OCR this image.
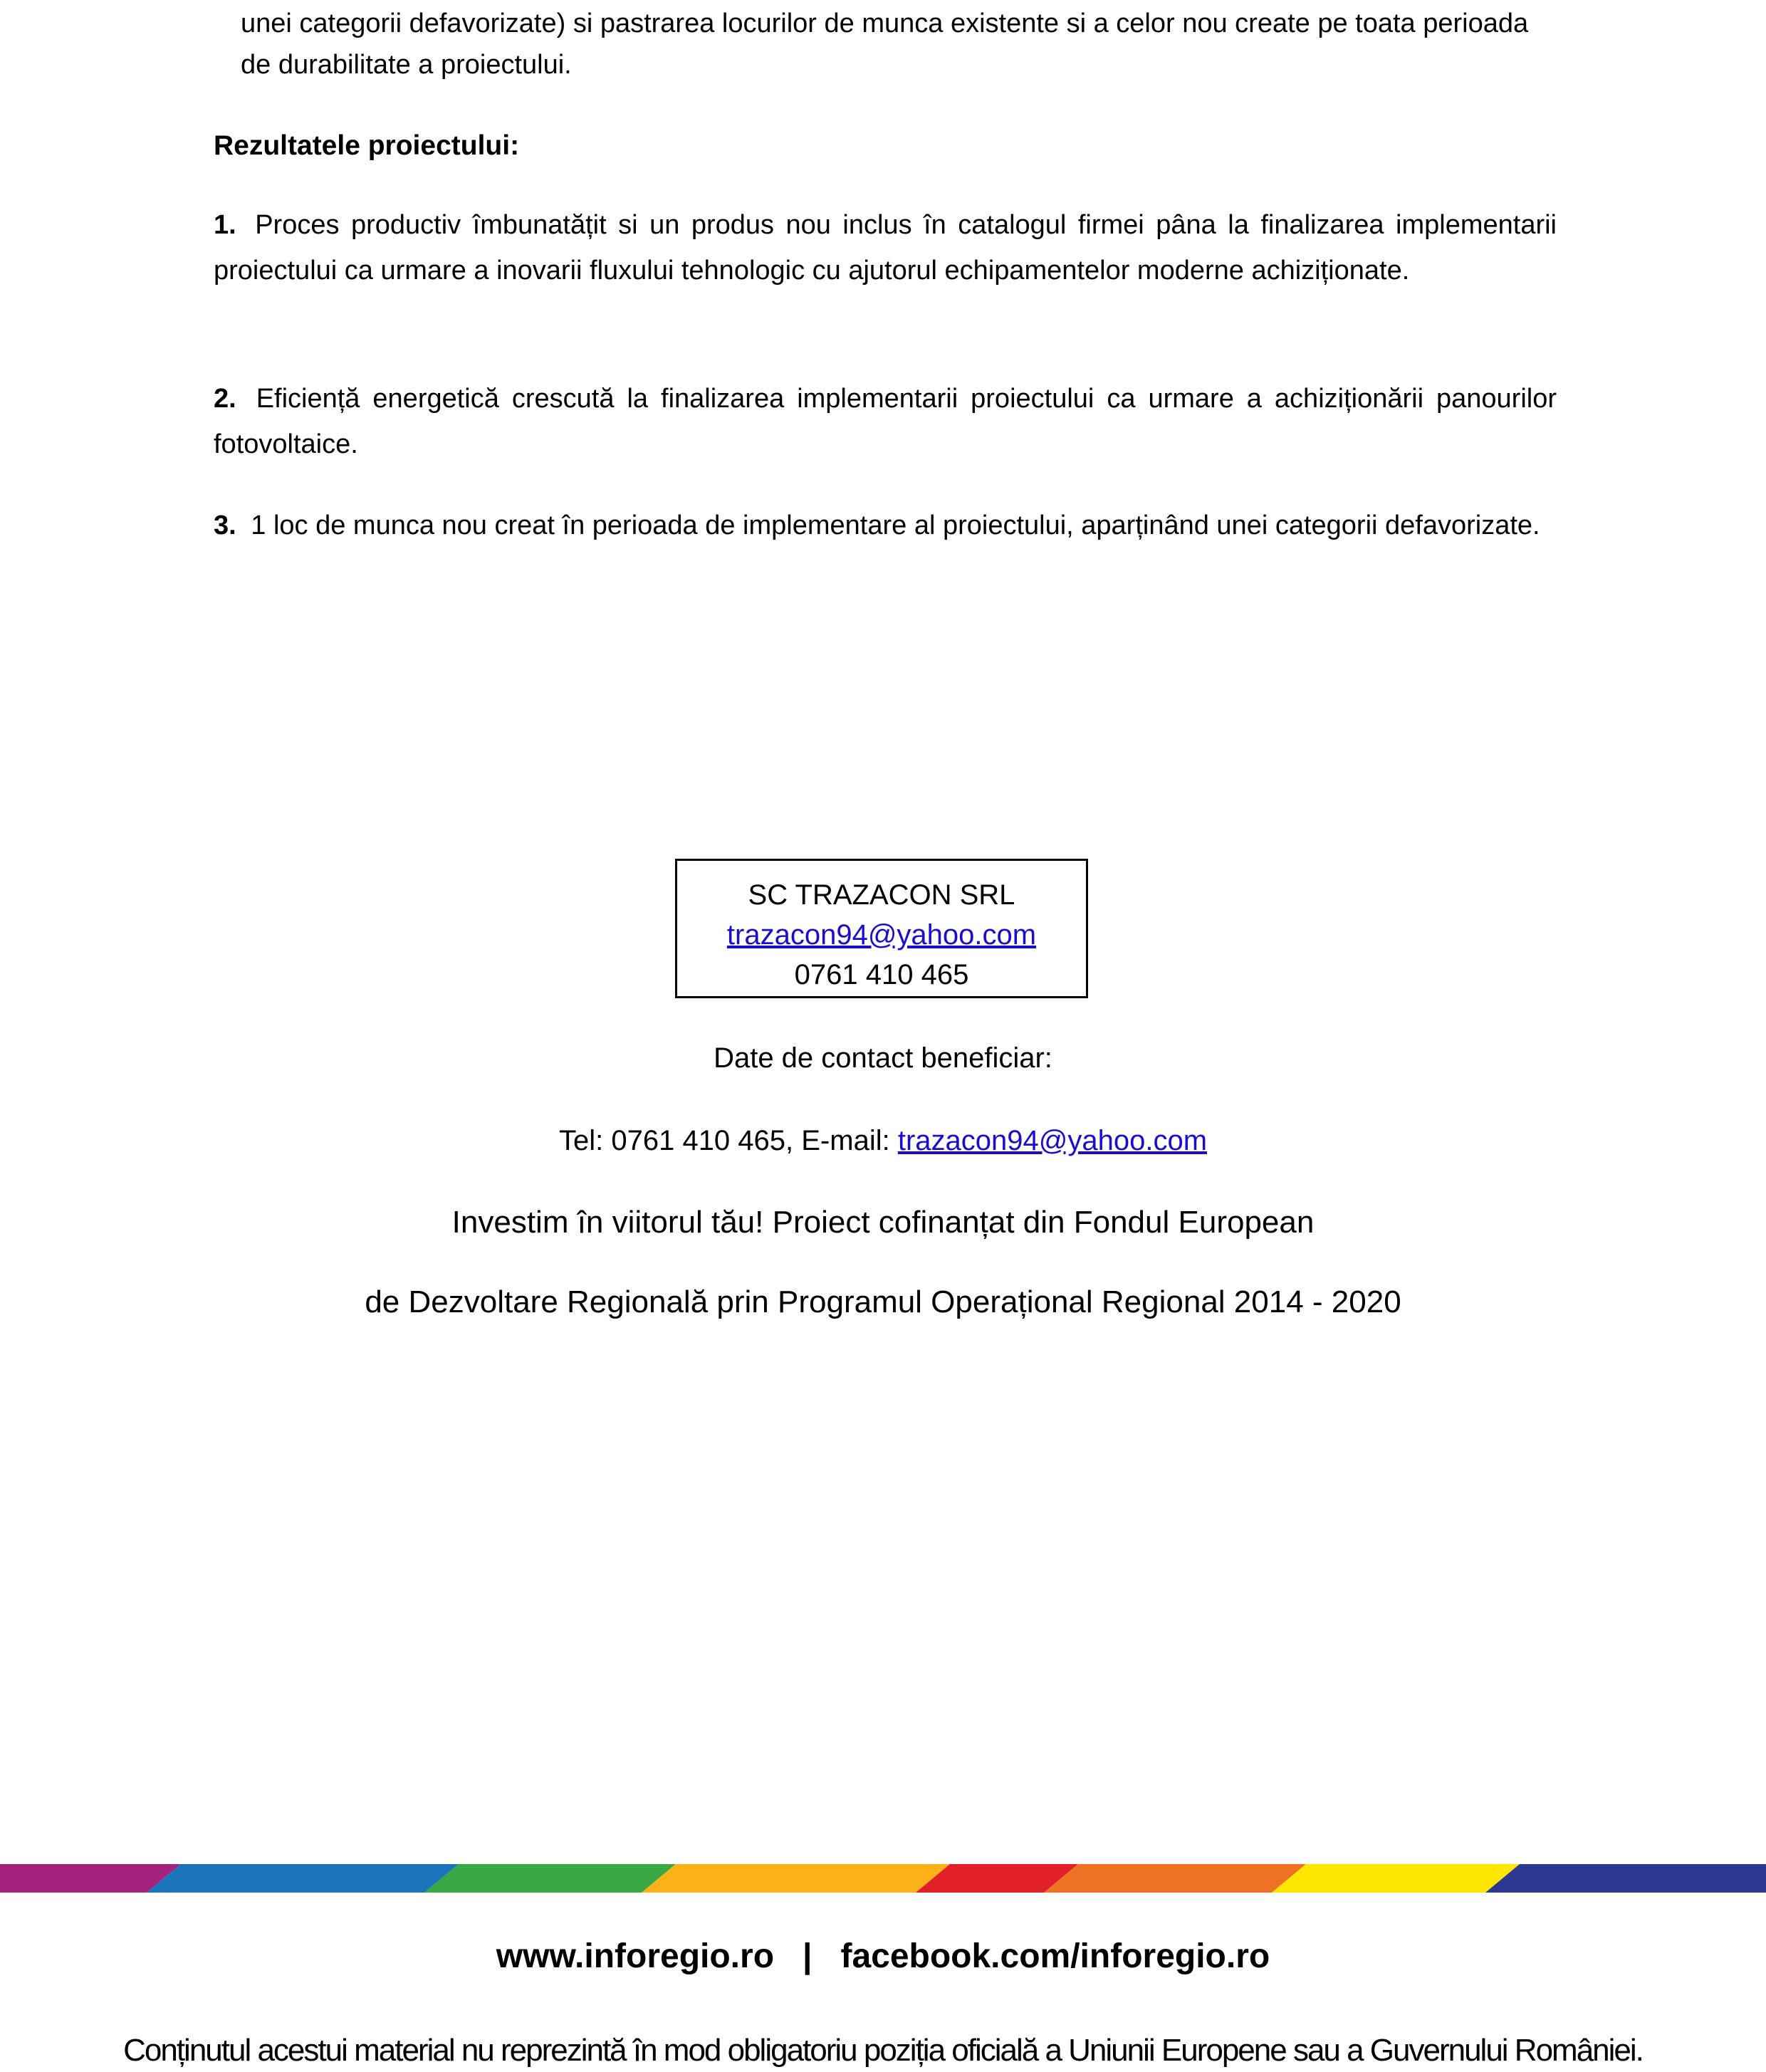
unei categorii defavorizate) si pastrarea locurilor de munca existente si a celor nou create pe toata perioada de durabilitate a proiectului.
Rezultatele proiectului:
1. Proces productiv îmbunatățit si un produs nou inclus în catalogul firmei pâna la finalizarea implementarii proiectului ca urmare a inovarii fluxului tehnologic cu ajutorul echipamentelor moderne achiziționate.
2. Eficiență energetică crescută la finalizarea implementarii proiectului ca urmare a achiziționării panourilor fotovoltaice.
3. 1 loc de munca nou creat în perioada de implementare al proiectului, aparținând unei categorii defavorizate.
SC TRAZACON SRL
trazacon94@yahoo.com
0761 410 465
Date de contact beneficiar:
Tel: 0761 410 465, E-mail: trazacon94@yahoo.com
Investim în viitorul tău! Proiect cofinanțat din Fondul European
de Dezvoltare Regională prin Programul Operațional Regional 2014 - 2020
www.inforegio.ro | facebook.com/inforegio.ro
Conținutul acestui material nu reprezintă în mod obligatoriu poziția oficială a Uniunii Europene sau a Guvernului României.
